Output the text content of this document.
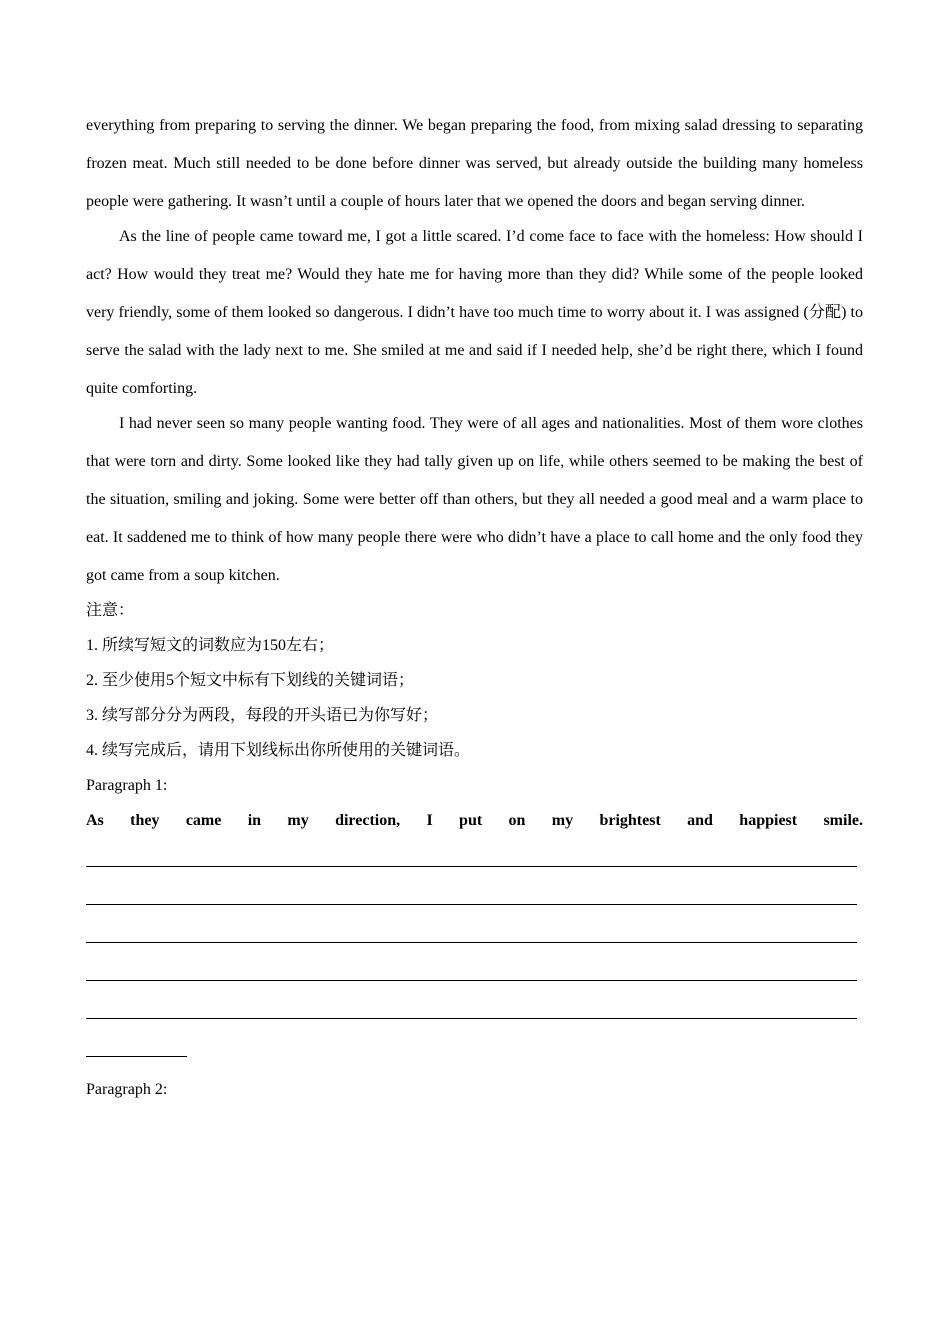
everything from preparing to serving the dinner. We began preparing the food, from mixing salad dressing to separating frozen meat. Much still needed to be done before dinner was served, but already outside the building many homeless people were gathering. It wasn’t until a couple of hours later that we opened the doors and began serving dinner.

As the line of people came toward me, I got a little scared. I’d come face to face with the homeless: How should I act? How would they treat me? Would they hate me for having more than they did? While some of the people looked very friendly, some of them looked so dangerous. I didn’t have too much time to worry about it. I was assigned (分配) to serve the salad with the lady next to me. She smiled at me and said if I needed help, she’d be right there, which I found quite comforting.

I had never seen so many people wanting food. They were of all ages and nationalities. Most of them wore clothes that were torn and dirty. Some looked like they had tally given up on life, while others seemed to be making the best of the situation, smiling and joking. Some were better off than others, but they all needed a good meal and a warm place to eat. It saddened me to think of how many people there were who didn’t have a place to call home and the only food they got came from a soup kitchen.

注意：

1. 所续写短文的词数应为150左右；

2. 至少使用5个短文中标有下划线的关键词语；

3. 续写部分分为两段，每段的开头语已为你写好；

4. 续写完成后，请用下划线标出你所使用的关键词语。

Paragraph 1:

As they came in my direction, I put on my brightest and happiest smile.

Paragraph 2:
